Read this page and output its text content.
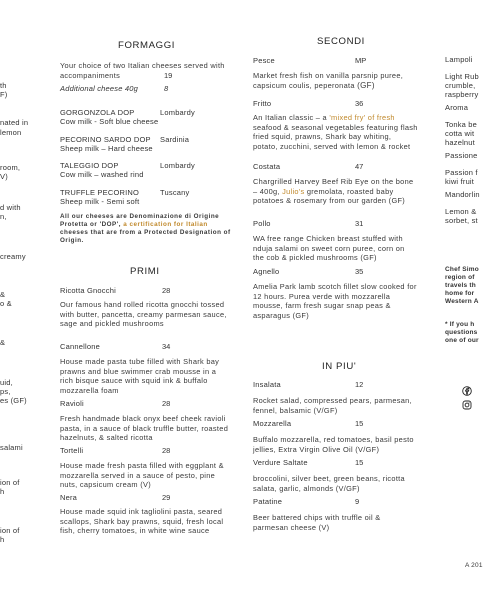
th
F)
nated in
lemon
room,
V)
d with
n,
creamy
&
o &
&
uid,
ps,
es (GF)
salami
ion of
h
ion of
h
FORMAGGI
Your choice of two Italian cheeses served with accompaniments	19
Additional cheese 40g	8
GORGONZOLA DOP	Lombardy
Cow milk - Soft blue cheese
PECORINO SARDO DOP Sardinia
Sheep milk – Hard cheese
TALEGGIO DOP	Lombardy
Cow milk – washed rind
TRUFFLE PECORINO	Tuscany
Sheep milk - Semi soft
All our cheeses are Denominazione di Origine Protetta or 'DOP', a certification for Italian cheeses that are from a Protected Designation of Origin.
PRIMI
Ricotta Gnocchi	28
Our famous hand rolled ricotta gnocchi tossed with butter, pancetta, creamy parmesan sauce, sage and pickled mushrooms
Cannellone	34
House made pasta tube filled with Shark bay prawns and blue swimmer crab mousse in a rich bisque sauce with squid ink & buffalo mozzarella foam
Ravioli	28
Fresh handmade black onyx beef cheek ravioli pasta, in a sauce of black truffle butter, roasted hazelnuts, & salted ricotta
Tortelli	28
House made fresh pasta filled with eggplant & mozzarella served in a sauce of pesto, pine nuts, capsicum cream (V)
Nera	29
House made squid ink tagliolini pasta, seared scallops, Shark bay prawns, squid, fresh local fish, cherry tomatoes, in white wine sauce
SECONDI
Pesce	MP
Market fresh fish on vanilla parsnip puree, capsicum coulis, peperonata (GF)
Fritto	36
An Italian classic – a 'mixed fry' of fresh seafood & seasonal vegetables featuring flash fried squid, prawns, Shark bay whiting, potato, zucchini, served with lemon & rocket
Costata	47
Chargrilled Harvey Beef Rib Eye on the bone – 400g, Julio's gremolata, roasted baby potatoes & rosemary from our garden (GF)
Pollo	31
WA free range Chicken breast stuffed with nduja salami on sweet corn puree, corn on the cob & pickled mushrooms (GF)
Agnello	35
Amelia Park lamb scotch fillet slow cooked for 12 hours. Purea verde with mozzarella mousse, farm fresh sugar snap peas & asparagus (GF)
IN PIU'
Insalata	12
Rocket salad, compressed pears, parmesan, fennel, balsamic (V/GF)
Mozzarella	15
Buffalo mozzarella, red tomatoes, basil pesto jellies, Extra Virgin Olive Oil (V/GF)
Verdure Saltate	15
broccolini, silver beet, green beans, ricotta salata, garlic, almonds (V/GF)
Patatine	9
Beer battered chips with truffle oil & parmesan cheese (V)
Lampoli
Light Rub
crumble,
raspberry
Aroma
Tonka be
cotta wit
hazelnut
Passione
Passion f
kiwi fruit
Mandorlin
Lemon &
sorbet, st
Chef Simo
region of
travels th
home for
Western A
* If you h
questions
one of our
A 201
